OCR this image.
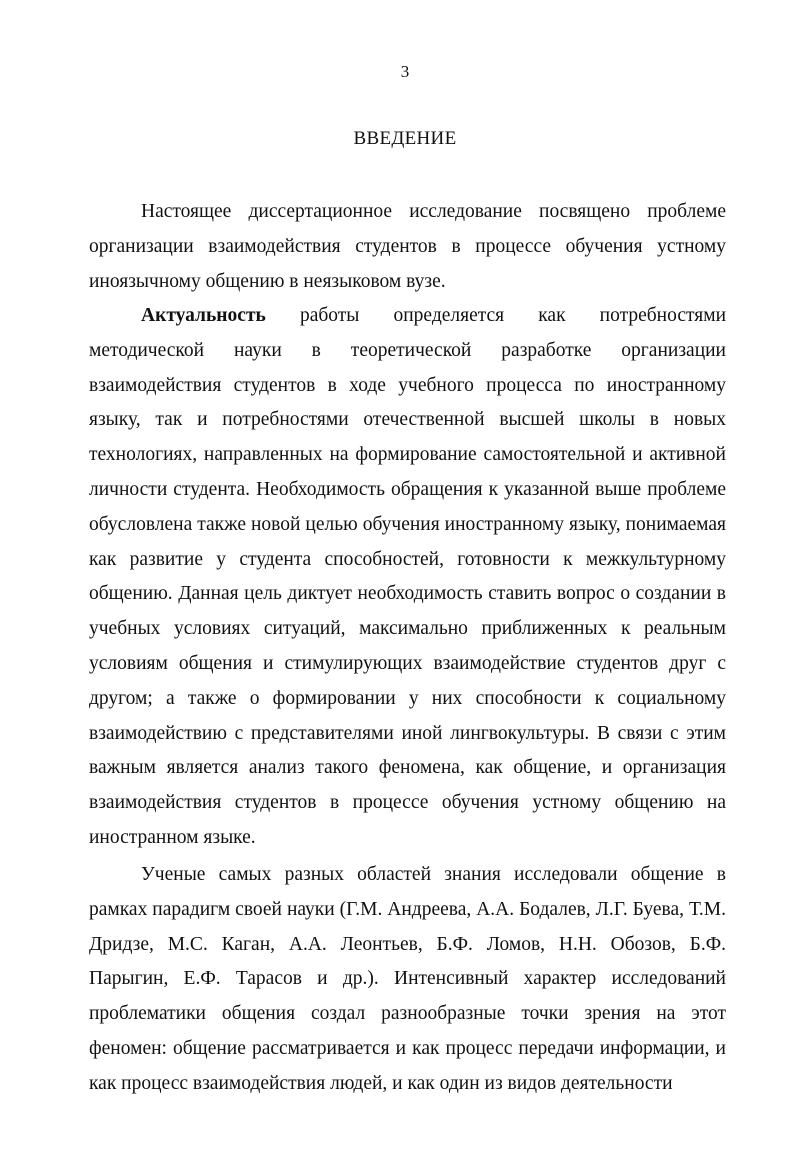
3
ВВЕДЕНИЕ

Настоящее диссертационное исследование посвящено проблеме организации взаимодействия студентов в процессе обучения устному иноязычному общению в неязыковом вузе.

Актуальность работы определяется как потребностями методической науки в теоретической разработке организации взаимодействия студентов в ходе учебного процесса по иностранному языку, так и потребностями отечественной высшей школы в новых технологиях, направленных на формирование самостоятельной и активной личности студента. Необходимость обращения к указанной выше проблеме обусловлена также новой целью обучения иностранному языку, понимаемая как развитие у студента способностей, готовности к межкультурному общению. Данная цель диктует необходимость ставить вопрос о создании в учебных условиях ситуаций, максимально приближенных к реальным условиям общения и стимулирующих взаимодействие студентов друг с другом; а также о формировании у них способности к социальному взаимодействию с представителями иной лингвокультуры. В связи с этим важным является анализ такого феномена, как общение, и организация взаимодействия студентов в процессе обучения устному общению на иностранном языке.

Ученые самых разных областей знания исследовали общение в рамках парадигм своей науки (Г.М. Андреева, А.А. Бодалев, Л.Г. Буева, Т.М. Дридзе, М.С. Каган, А.А. Леонтьев, Б.Ф. Ломов, Н.Н. Обозов, Б.Ф. Парыгин, Е.Ф. Тарасов и др.). Интенсивный характер исследований проблематики общения создал разнообразные точки зрения на этот феномен: общение рассматривается и как процесс передачи информации, и как процесс взаимодействия людей, и как один из видов деятельности
